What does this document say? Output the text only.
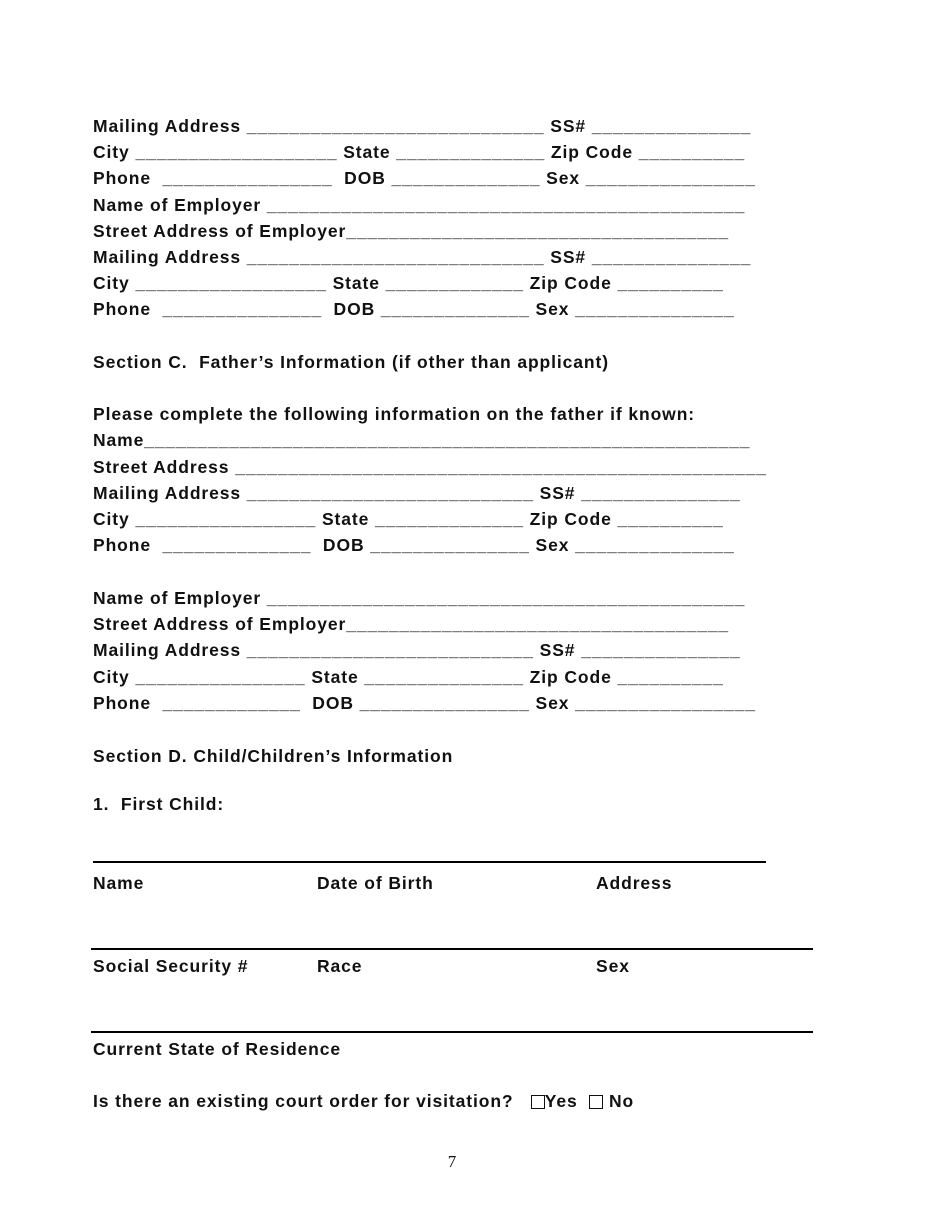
Mailing Address ____________________________ SS# _______________
City ___________________ State ______________ Zip Code __________
Phone ________________ DOB ______________ Sex ________________
Name of Employer _____________________________________________
Street Address of Employer____________________________________
Mailing Address ____________________________ SS# _______________
City __________________ State _____________ Zip Code __________
Phone _______________ DOB ______________ Sex _______________
Section C.  Father’s Information (if other than applicant)
Please complete the following information on the father if known:
Name_________________________________________________________
Street Address __________________________________________________
Mailing Address ___________________________ SS# _______________
City _________________ State ______________ Zip Code __________
Phone ______________ DOB _______________ Sex _______________
Name of Employer _____________________________________________
Street Address of Employer____________________________________
Mailing Address ___________________________ SS# _______________
City ________________ State _______________ Zip Code __________
Phone _____________ DOB ________________ Sex _________________
Section D. Child/Children’s Information
1.  First Child:
Name	Date of Birth	Address
Social Security #	Race	Sex
Current State of Residence
Is there an existing court order for visitation? Yes No
7
